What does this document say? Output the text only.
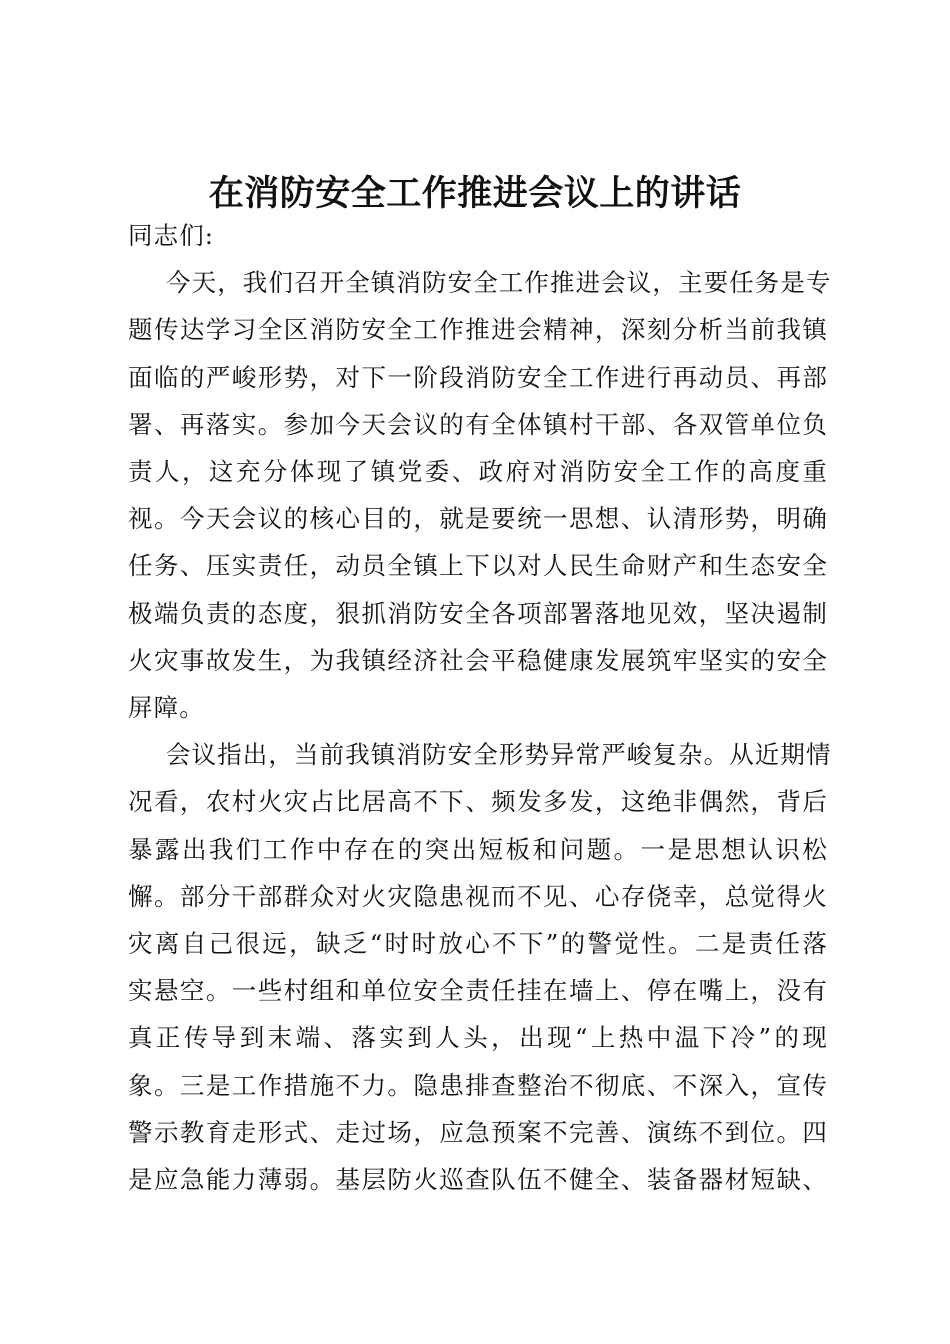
在消防安全工作推进会议上的讲话

同志们:

今天，我们召开全镇消防安全工作推进会议，主要任务是专
题传达学习全区消防安全工作推进会精神，深刻分析当前我镇
面临的严峻形势，对下一阶段消防安全工作进行再动员、再部
署、再落实。参加今天会议的有全体镇村干部、各双管单位负
责人，这充分体现了镇党委、政府对消防安全工作的高度重
视。今天会议的核心目的，就是要统一思想、认清形势，明确
任务、压实责任，动员全镇上下以对人民生命财产和生态安全
极端负责的态度，狠抓消防安全各项部署落地见效，坚决遏制
火灾事故发生，为我镇经济社会平稳健康发展筑牢坚实的安全
屏障。

会议指出，当前我镇消防安全形势异常严峻复杂。从近期情
况看，农村火灾占比居高不下、频发多发，这绝非偶然，背后
暴露出我们工作中存在的突出短板和问题。一是思想认识松
懈。部分干部群众对火灾隐患视而不见、心存侥幸，总觉得火
灾离自己很远，缺乏“时时放心不下”的警觉性。二是责任落
实悬空。一些村组和单位安全责任挂在墙上、停在嘴上，没有
真正传导到末端、落实到人头，出现“上热中温下冷”的现
象。三是工作措施不力。隐患排查整治不彻底、不深入，宣传
警示教育走形式、走过场，应急预案不完善、演练不到位。四
是应急能力薄弱。基层防火巡查队伍不健全、装备器材短缺、
